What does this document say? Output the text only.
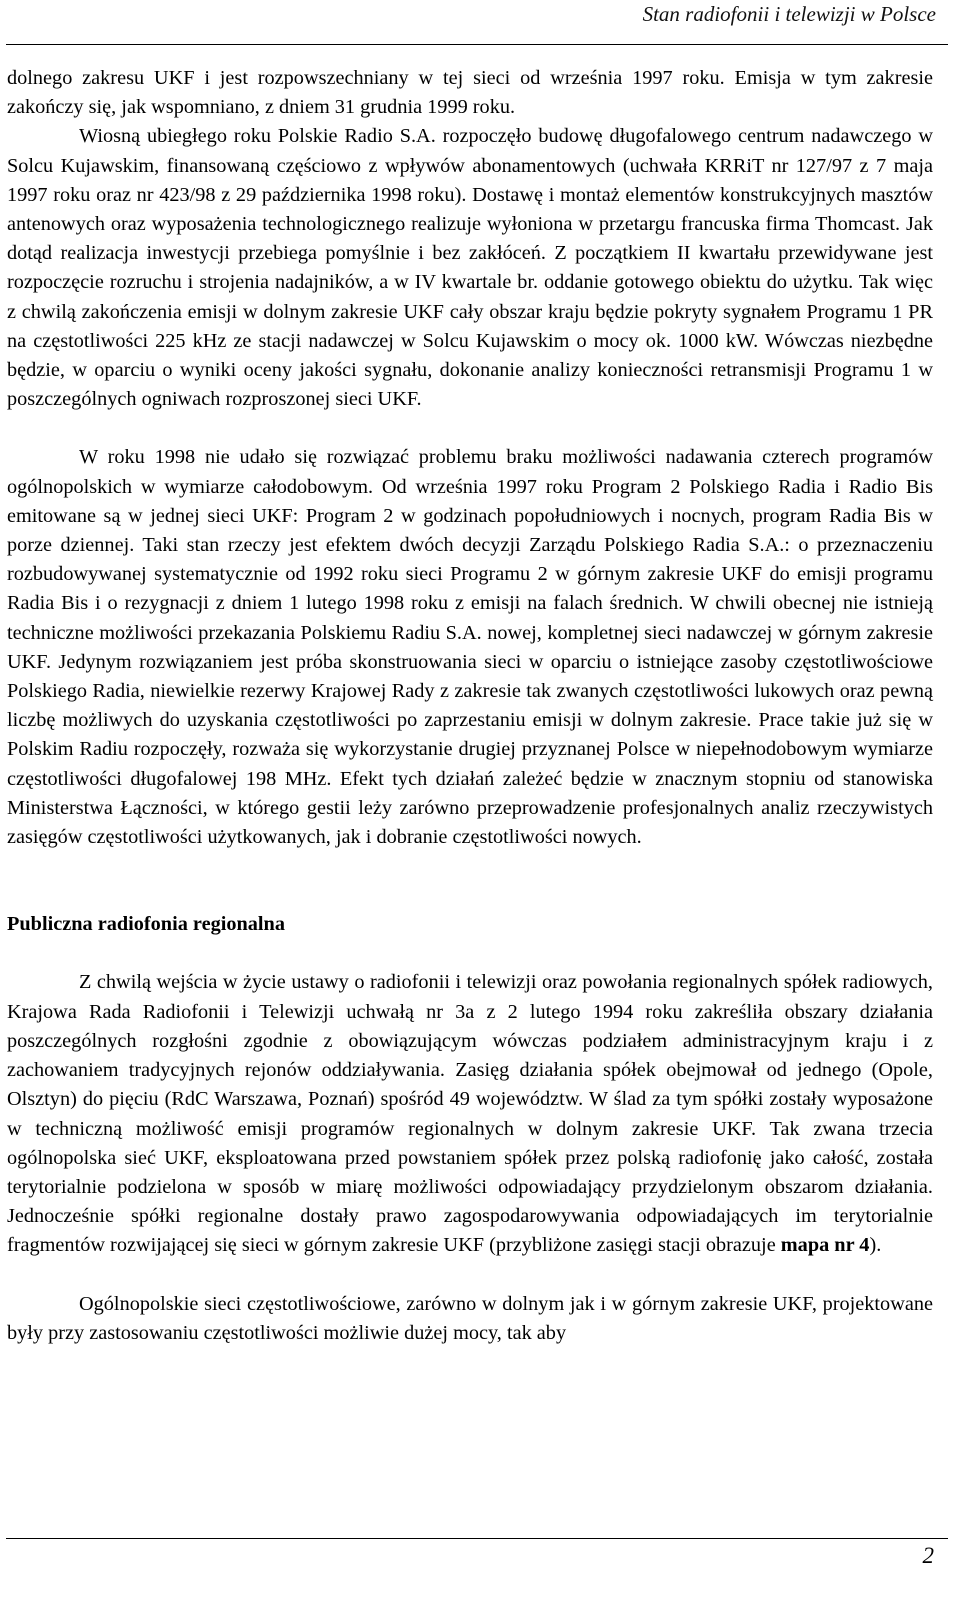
Stan radiofonii i telewizji w Polsce

dolnego zakresu UKF i jest rozpowszechniany w tej sieci od września 1997 roku. Emisja w tym zakresie zakończy się, jak wspomniano, z dniem 31 grudnia 1999 roku.

Wiosną ubiegłego roku Polskie Radio S.A. rozpoczęło budowę długofalowego centrum nadawczego w Solcu Kujawskim, finansowaną częściowo z wpływów abonamentowych (uchwała KRRiT nr 127/97 z 7 maja 1997 roku oraz nr 423/98 z 29 października 1998 roku). Dostawę i montaż elementów konstrukcyjnych masztów antenowych oraz wyposażenia technologicznego realizuje wyłoniona w przetargu francuska firma Thomcast. Jak dotąd realizacja inwestycji przebiega pomyślnie i bez zakłóceń. Z początkiem II kwartału przewidywane jest rozpoczęcie rozruchu i strojenia nadajników, a w IV kwartale br. oddanie gotowego obiektu do użytku. Tak więc z chwilą zakończenia emisji w dolnym zakresie UKF cały obszar kraju będzie pokryty sygnałem Programu 1 PR na częstotliwości 225 kHz ze stacji nadawczej w Solcu Kujawskim o mocy ok. 1000 kW. Wówczas niezbędne będzie, w oparciu o wyniki oceny jakości sygnału, dokonanie analizy konieczności retransmisji Programu 1 w poszczególnych ogniwach rozproszonej sieci UKF.

W roku 1998 nie udało się rozwiązać problemu braku możliwości nadawania czterech programów ogólnopolskich w wymiarze całodobowym. Od września 1997 roku Program 2 Polskiego Radia i Radio Bis emitowane są w jednej sieci UKF: Program 2 w godzinach popołudniowych i nocnych, program Radia Bis w porze dziennej. Taki stan rzeczy jest efektem dwóch decyzji Zarządu Polskiego Radia S.A.: o przeznaczeniu rozbudowywanej systematycznie od 1992 roku sieci Programu 2 w górnym zakresie UKF do emisji programu Radia Bis i o rezygnacji z dniem 1 lutego 1998 roku z emisji na falach średnich. W chwili obecnej nie istnieją techniczne możliwości przekazania Polskiemu Radiu S.A. nowej, kompletnej sieci nadawczej w górnym zakresie UKF. Jedynym rozwiązaniem jest próba skonstruowania sieci w oparciu o istniejące zasoby częstotliwościowe Polskiego Radia, niewielkie rezerwy Krajowej Rady z zakresie tak zwanych częstotliwości lukowych oraz pewną liczbę możliwych do uzyskania częstotliwości po zaprzestaniu emisji w dolnym zakresie. Prace takie już się w Polskim Radiu rozpoczęły, rozważa się wykorzystanie drugiej przyznanej Polsce w niepełnodobowym wymiarze częstotliwości długofalowej 198 MHz. Efekt tych działań zależeć będzie w znacznym stopniu od stanowiska Ministerstwa Łączności, w którego gestii leży zarówno przeprowadzenie profesjonalnych analiz rzeczywistych zasięgów częstotliwości użytkowanych, jak i dobranie częstotliwości nowych.

Publiczna radiofonia regionalna

Z chwilą wejścia w życie ustawy o radiofonii i telewizji oraz powołania regionalnych spółek radiowych, Krajowa Rada Radiofonii i Telewizji uchwałą nr 3a z 2 lutego 1994 roku zakreśliła obszary działania poszczególnych rozgłośni zgodnie z obowiązującym wówczas podziałem administracyjnym kraju i z zachowaniem tradycyjnych rejonów oddziaływania. Zasięg działania spółek obejmował od jednego (Opole, Olsztyn) do pięciu (RdC Warszawa, Poznań) spośród 49 województw. W ślad za tym spółki zostały wyposażone w techniczną możliwość emisji programów regionalnych w dolnym zakresie UKF. Tak zwana trzecia ogólnopolska sieć UKF, eksploatowana przed powstaniem spółek przez polską radiofonię jako całość, została terytorialnie podzielona w sposób w miarę możliwości odpowiadający przydzielonym obszarom działania. Jednocześnie spółki regionalne dostały prawo zagospodarowywania odpowiadających im terytorialnie fragmentów rozwijającej się sieci w górnym zakresie UKF (przybliżone zasięgi stacji obrazuje mapa nr 4).

Ogólnopolskie sieci częstotliwościowe, zarówno w dolnym jak i w górnym zakresie UKF, projektowane były przy zastosowaniu częstotliwości możliwie dużej mocy, tak aby

2
